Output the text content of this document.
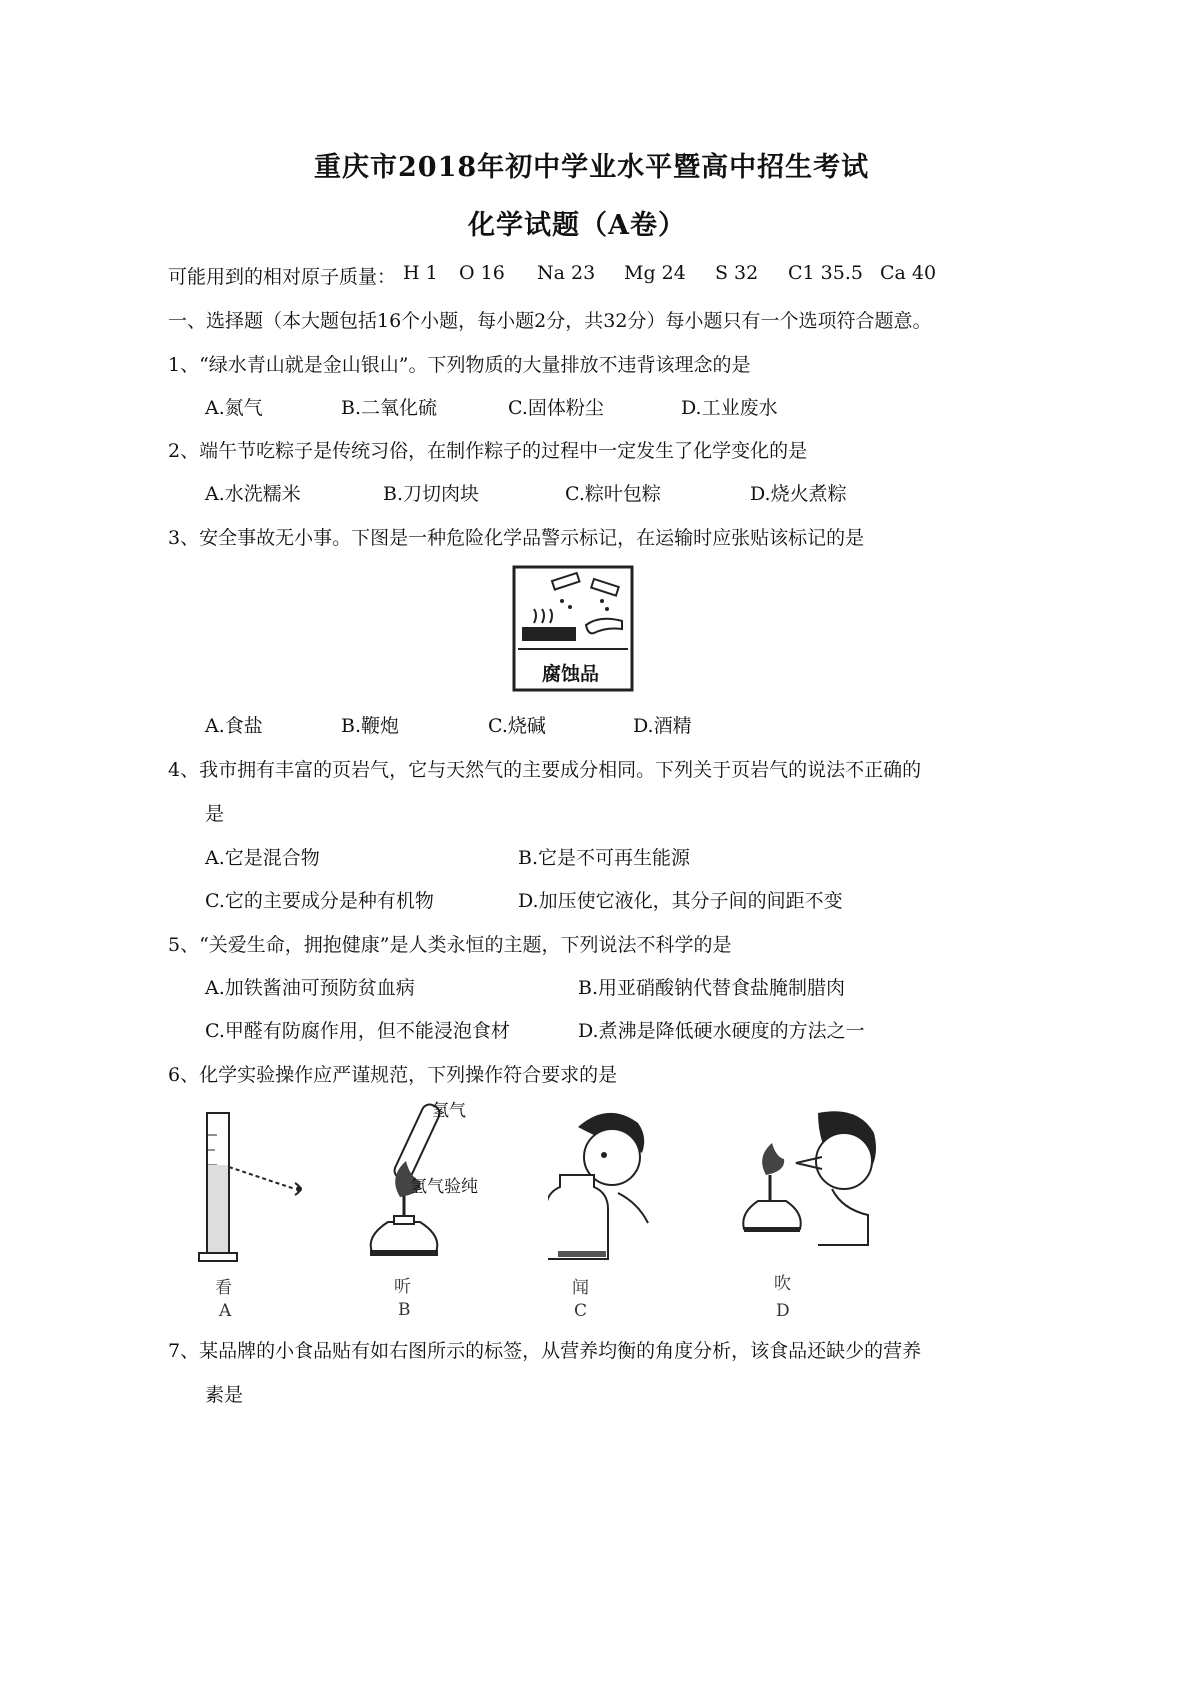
重庆市2018年初中学业水平暨高中招生考试
化学试题（A卷）
可能用到的相对原子质量： H 1 O 16 Na 23 Mg 24 S 32 C1 35.5 Ca 40
一、选择题（本大题包括16个小题，每小题2分，共32分）每小题只有一个选项符合题意。
1、“绿水青山就是金山银山”。下列物质的大量排放不违背该理念的是
A.氮气	B.二氧化硫	C.固体粉尘	D.工业废水
2、端午节吃粽子是传统习俗，在制作粽子的过程中一定发生了化学变化的是
A.水洗糯米	B.刀切肉块	C.粽叶包粽	D.烧火煮粽
3、安全事故无小事。下图是一种危险化学品警示标记，在运输时应张贴该标记的是
腐蚀品
A.食盐	B.鞭炮	C.烧碱	D.酒精
4、我市拥有丰富的页岩气，它与天然气的主要成分相同。下列关于页岩气的说法不正确的
是
A.它是混合物	B.它是不可再生能源
C.它的主要成分是种有机物	D.加压使它液化，其分子间的间距不变
5、“关爱生命，拥抱健康”是人类永恒的主题，下列说法不科学的是
A.加铁酱油可预防贫血病	B.用亚硝酸钠代替食盐腌制腊肉
C.甲醛有防腐作用，但不能浸泡食材	D.煮沸是降低硬水硬度的方法之一
6、化学实验操作应严谨规范，下列操作符合要求的是
看
A
氢气
氢气验纯
听
B
闻
C
吹
D
7、某品牌的小食品贴有如右图所示的标签，从营养均衡的角度分析，该食品还缺少的营养
素是
